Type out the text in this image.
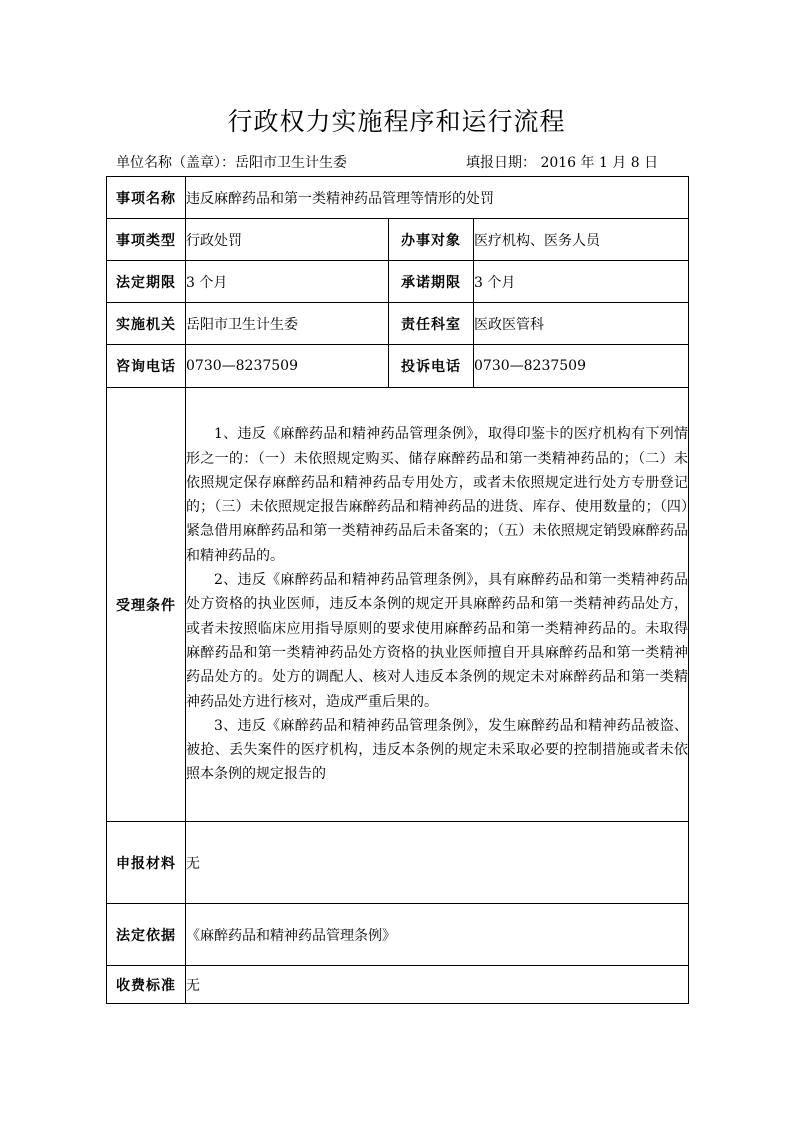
行政权力实施程序和运行流程
单位名称（盖章）：岳阳市卫生计生委	填报日期： 2016 年 1 月 8 日
事项名称	违反麻醉药品和第一类精神药品管理等情形的处罚		
事项类型	行政处罚	办事对象	医疗机构、医务人员
法定期限	3 个月	承诺期限	3 个月
实施机关	岳阳市卫生计生委	责任科室	医政医管科
咨询电话	0730—8237509	投诉电话	0730—8237509
受理条件	1、违反《麻醉药品和精神药品管理条例》，取得印鉴卡的医疗机构有下列情形之一的：（一）未依照规定购买、储存麻醉药品和第一类精神药品的；（二）未依照规定保存麻醉药品和精神药品专用处方，或者未依照规定进行处方专册登记的；（三）未依照规定报告麻醉药品和精神药品的进货、库存、使用数量的；（四）紧急借用麻醉药品和第一类精神药品后未备案的；（五）未依照规定销毁麻醉药品和精神药品的。

2、违反《麻醉药品和精神药品管理条例》，具有麻醉药品和第一类精神药品处方资格的执业医师，违反本条例的规定开具麻醉药品和第一类精神药品处方，或者未按照临床应用指导原则的要求使用麻醉药品和第一类精神药品的。未取得麻醉药品和第一类精神药品处方资格的执业医师擅自开具麻醉药品和第一类精神药品处方的。处方的调配人、核对人违反本条例的规定未对麻醉药品和第一类精神药品处方进行核对，造成严重后果的。

3、违反《麻醉药品和精神药品管理条例》，发生麻醉药品和精神药品被盗、被抢、丢失案件的医疗机构，违反本条例的规定未采取必要的控制措施或者未依照本条例的规定报告的		

申报材料	无		
法定依据	《麻醉药品和精神药品管理条例》		
收费标准	无		
